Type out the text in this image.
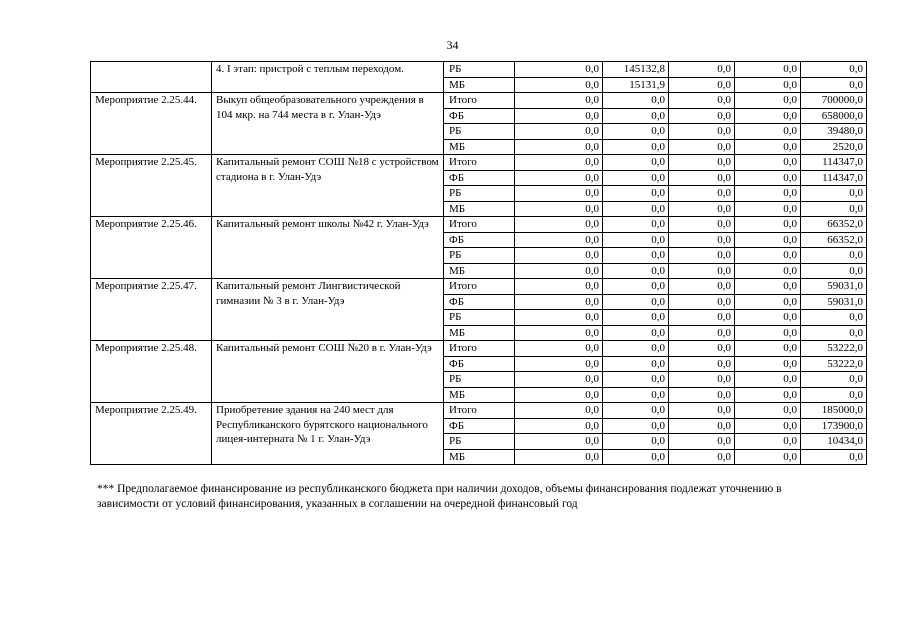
34
	4. I этап: пристрой с теплым переходом.	РБ	0,0	145132,8	0,0	0,0	0,0
		МБ	0,0	15131,9	0,0	0,0	0,0
Мероприятие 2.25.44.	Выкуп общеобразовательного учреждения в 104 мкр. на 744 места в г. Улан-Удэ	Итого	0,0	0,0	0,0	0,0	700000,0
		ФБ	0,0	0,0	0,0	0,0	658000,0
		РБ	0,0	0,0	0,0	0,0	39480,0
		МБ	0,0	0,0	0,0	0,0	2520,0
Мероприятие 2.25.45.	Капитальный ремонт СОШ №18 с устройством стадиона в г. Улан-Удэ	Итого	0,0	0,0	0,0	0,0	114347,0
		ФБ	0,0	0,0	0,0	0,0	114347,0
		РБ	0,0	0,0	0,0	0,0	0,0
		МБ	0,0	0,0	0,0	0,0	0,0
Мероприятие 2.25.46.	Капитальный ремонт школы №42 г. Улан-Удэ	Итого	0,0	0,0	0,0	0,0	66352,0
		ФБ	0,0	0,0	0,0	0,0	66352,0
		РБ	0,0	0,0	0,0	0,0	0,0
		МБ	0,0	0,0	0,0	0,0	0,0
Мероприятие 2.25.47.	Капитальный ремонт Лингвистической гимназии № 3 в г. Улан-Удэ	Итого	0,0	0,0	0,0	0,0	59031,0
		ФБ	0,0	0,0	0,0	0,0	59031,0
		РБ	0,0	0,0	0,0	0,0	0,0
		МБ	0,0	0,0	0,0	0,0	0,0
Мероприятие 2.25.48.	Капитальный ремонт СОШ №20 в г. Улан-Удэ	Итого	0,0	0,0	0,0	0,0	53222,0
		ФБ	0,0	0,0	0,0	0,0	53222,0
		РБ	0,0	0,0	0,0	0,0	0,0
		МБ	0,0	0,0	0,0	0,0	0,0
Мероприятие 2.25.49.	Приобретение здания на 240 мест для Республиканского бурятского национального лицея-интерната № 1 г. Улан-Удэ	Итого	0,0	0,0	0,0	0,0	185000,0
		ФБ	0,0	0,0	0,0	0,0	173900,0
		РБ	0,0	0,0	0,0	0,0	10434,0
		МБ	0,0	0,0	0,0	0,0	0,0
*** Предполагаемое финансирование из республиканского бюджета при наличии доходов, объемы финансирования подлежат уточнению в зависимости от условий финансирования, указанных в соглашении на очередной финансовый год
